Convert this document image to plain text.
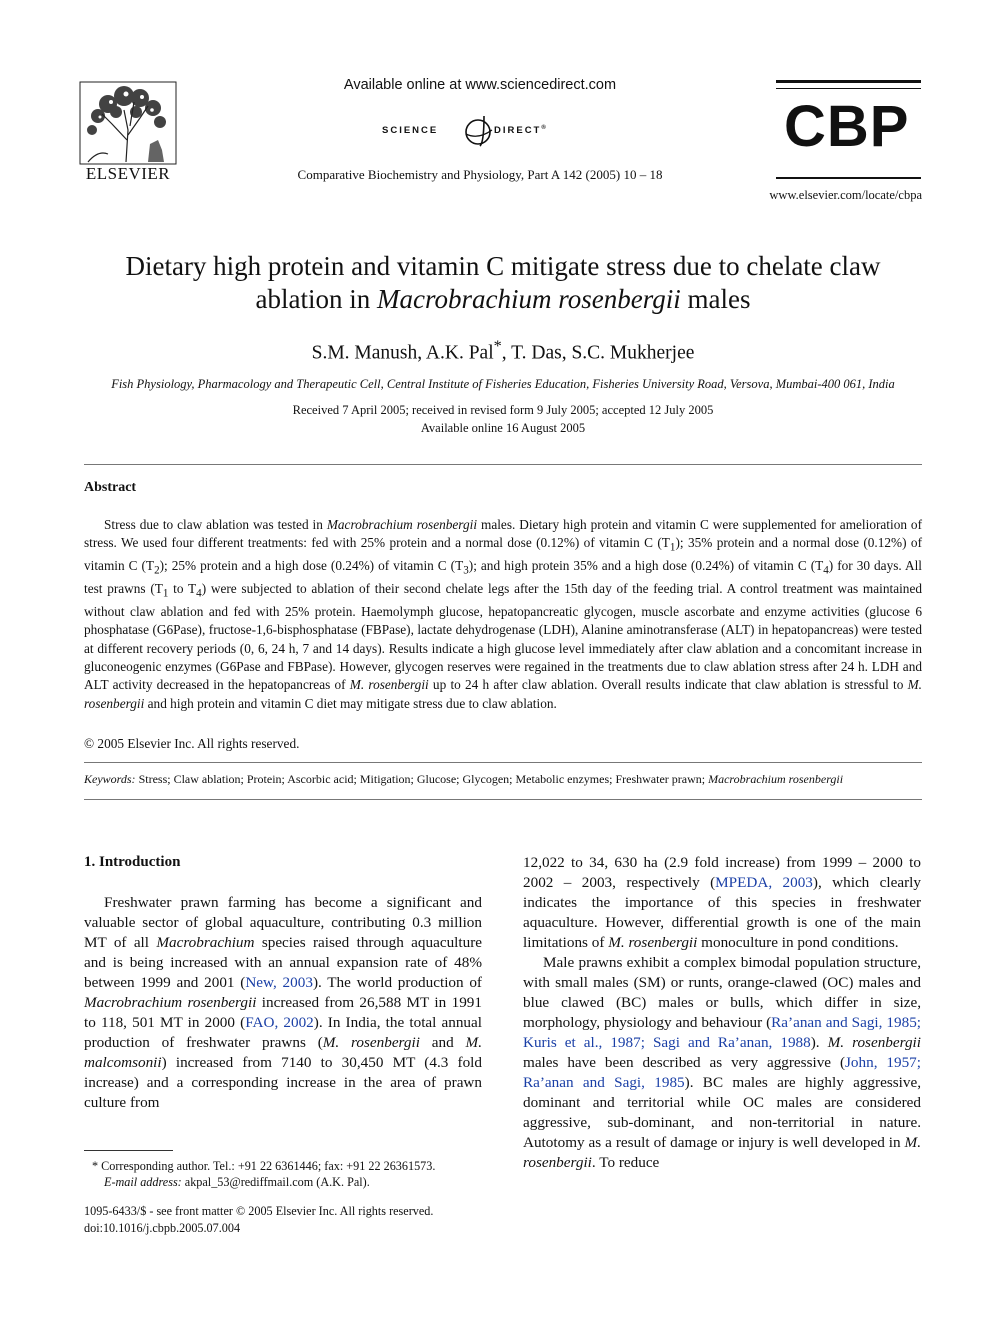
ELSEVIER
Available online at www.sciencedirect.com
SCIENCE	DIRECT®
Comparative Biochemistry and Physiology, Part A 142 (2005) 10 – 18
CBP
www.elsevier.com/locate/cbpa
Dietary high protein and vitamin C mitigate stress due to chelate claw
ablation in Macrobrachium rosenbergii males
S.M. Manush, A.K. Pal*, T. Das, S.C. Mukherjee
Fish Physiology, Pharmacology and Therapeutic Cell, Central Institute of Fisheries Education, Fisheries University Road, Versova, Mumbai-400 061, India
Received 7 April 2005; received in revised form 9 July 2005; accepted 12 July 2005
Available online 16 August 2005
Abstract
Stress due to claw ablation was tested in Macrobrachium rosenbergii males. Dietary high protein and vitamin C were supplemented for amelioration of stress. We used four different treatments: fed with 25% protein and a normal dose (0.12%) of vitamin C $(T_1)$; 35% protein and a normal dose (0.12%) of vitamin C $(T_2)$; 25% protein and a high dose (0.24%) of vitamin C $(T_3)$; and high protein 35% and a high dose (0.24%) of vitamin C $(T_4)$ for 30 days. All test prawns ($T_1$ to $T_4$) were subjected to ablation of their second chelate legs after the 15th day of the feeding trial. A control treatment was maintained without claw ablation and fed with 25% protein. Haemolymph glucose, hepatopancreatic glycogen, muscle ascorbate and enzyme activities (glucose 6 phosphatase (G6Pase), fructose-1,6-bisphosphatase (FBPase), lactate dehydrogenase (LDH), Alanine aminotransferase (ALT) in hepatopancreas) were tested at different recovery periods (0, 6, 24 h, 7 and 14 days). Results indicate a high glucose level immediately after claw ablation and a concomitant increase in gluconeogenic enzymes (G6Pase and FBPase). However, glycogen reserves were regained in the treatments due to claw ablation stress after 24 h. LDH and ALT activity decreased in the hepatopancreas of M. rosenbergii up to 24 h after claw ablation. Overall results indicate that claw ablation is stressful to M. rosenbergii and high protein and vitamin C diet may mitigate stress due to claw ablation.
© 2005 Elsevier Inc. All rights reserved.
Keywords: Stress; Claw ablation; Protein; Ascorbic acid; Mitigation; Glucose; Glycogen; Metabolic enzymes; Freshwater prawn; Macrobrachium rosenbergii
1. Introduction
Freshwater prawn farming has become a significant and valuable sector of global aquaculture, contributing 0.3 million MT of all Macrobrachium species raised through aquaculture and is being increased with an annual expansion rate of 48% between 1999 and 2001 (New, 2003). The world production of Macrobrachium rosenbergii increased from 26,588 MT in 1991 to 118, 501 MT in 2000 (FAO, 2002). In India, the total annual production of freshwater prawns (M. rosenbergii and M. malcomsonii) increased from 7140 to 30,450 MT (4.3 fold increase) and a corresponding increase in the area of prawn culture from

12,022 to 34, 630 ha (2.9 fold increase) from 1999 – 2000 to 2002 – 2003, respectively (MPEDA, 2003), which clearly indicates the importance of this species in freshwater aquaculture. However, differential growth is one of the main limitations of M. rosenbergii monoculture in pond conditions.

Male prawns exhibit a complex bimodal population structure, with small males (SM) or runts, orange-clawed (OC) males and blue clawed (BC) males or bulls, which differ in size, morphology, physiology and behaviour (Ra’anan and Sagi, 1985; Kuris et al., 1987; Sagi and Ra’anan, 1988). M. rosenbergii males have been described as very aggressive (John, 1957; Ra’anan and Sagi, 1985). BC males are highly aggressive, dominant and territorial while OC males are considered aggressive, sub-dominant, and non-territorial in nature. Autotomy as a result of damage or injury is well developed in M. rosenbergii. To reduce

* Corresponding author. Tel.: +91 22 6361446; fax: +91 22 26361573.
E-mail address: akpal_53@rediffmail.com (A.K. Pal).
1095-6433/$ - see front matter © 2005 Elsevier Inc. All rights reserved.
doi:10.1016/j.cbpb.2005.07.004
